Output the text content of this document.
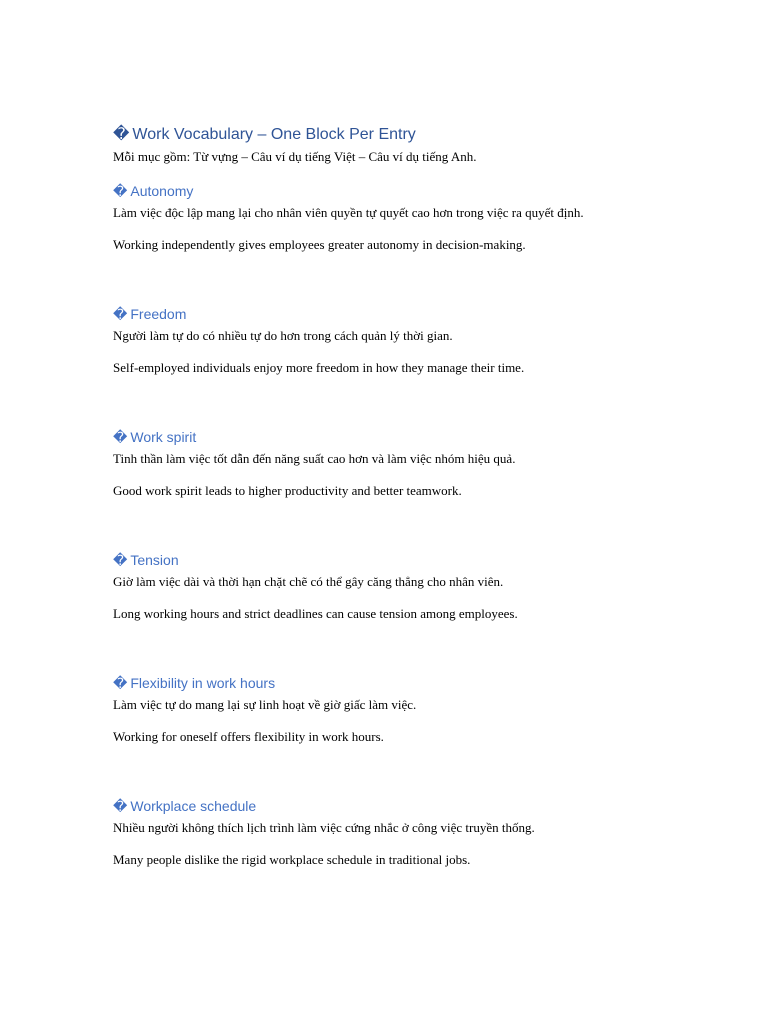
� Work Vocabulary – One Block Per Entry

Mỗi mục gồm: Từ vựng – Câu ví dụ tiếng Việt – Câu ví dụ tiếng Anh.

� Autonomy

Làm việc độc lập mang lại cho nhân viên quyền tự quyết cao hơn trong việc ra quyết định.

Working independently gives employees greater autonomy in decision-making.

� Freedom

Người làm tự do có nhiều tự do hơn trong cách quản lý thời gian.

Self-employed individuals enjoy more freedom in how they manage their time.

� Work spirit

Tinh thần làm việc tốt dẫn đến năng suất cao hơn và làm việc nhóm hiệu quả.

Good work spirit leads to higher productivity and better teamwork.

� Tension

Giờ làm việc dài và thời hạn chặt chẽ có thể gây căng thẳng cho nhân viên.

Long working hours and strict deadlines can cause tension among employees.

� Flexibility in work hours

Làm việc tự do mang lại sự linh hoạt về giờ giấc làm việc.

Working for oneself offers flexibility in work hours.

� Workplace schedule

Nhiều người không thích lịch trình làm việc cứng nhắc ở công việc truyền thống.

Many people dislike the rigid workplace schedule in traditional jobs.
